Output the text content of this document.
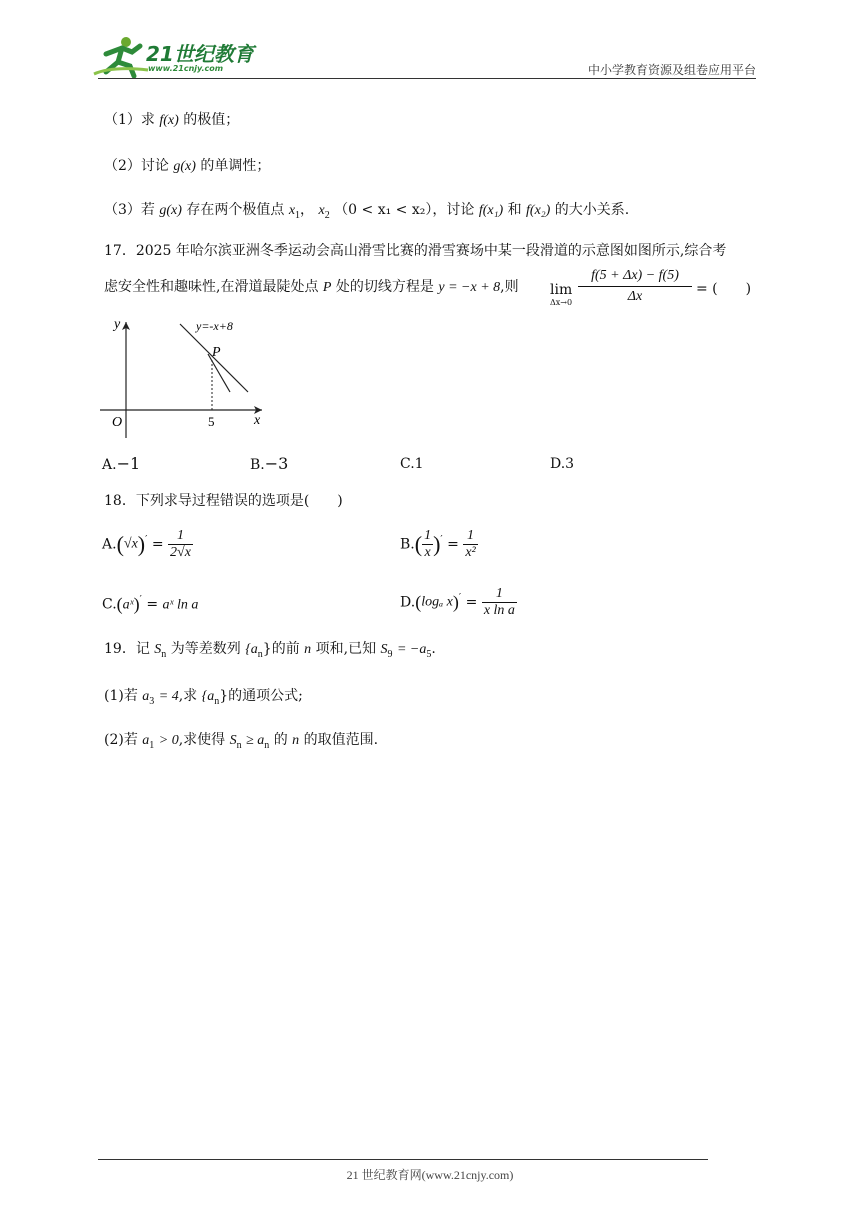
21世纪教育
www.21cnjy.com	中小学教育资源及组卷应用平台
（1）求 f(x) 的极值；
（2）讨论 g(x) 的单调性；
（3）若 g(x) 存在两个极值点 $x_1$， $x_2$ （0 < x₁ < x₂），讨论 f(x₁) 和 f(x₂) 的大小关系.
17．2025 年哈尔滨亚洲冬季运动会高山滑雪比赛的滑雪赛场中某一段滑道的示意图如图所示,综合考
虑安全性和趣味性,在滑道最陡处点 P 处的切线方程是 y = −x + 8,则 lim
$\Delta x\to 0 \frac{f(5 + \Delta x) - f(5)}{\Delta x}$ = (　　)
y
x
O	5
y=-x+8
P
A.−1	B.−3	C.1	D.3
18．下列求导过程错误的选项是(　　)
$A.(√x)' = \frac{1}{2√x}$	$B.( \frac{1}{x} )' = \frac{1}{\text{x²}}$
C.(aˣ)′ = aˣ ln a	D.(logₐ $x)' = \frac{1}{\text{x ln a}}$
19．记 $S_n$ 为等差数列 $\{a_n\}$的前 n 项和,已知 $S_9 = -a_5$.
(1)若 $a_3 = 4$,求 $\{a_n\}$的通项公式;
(2)若 $a_1 > 0$,求使得 $S_n \ge a_n$ 的 n 的取值范围.
21 世纪教育网(www.21cnjy.com)
